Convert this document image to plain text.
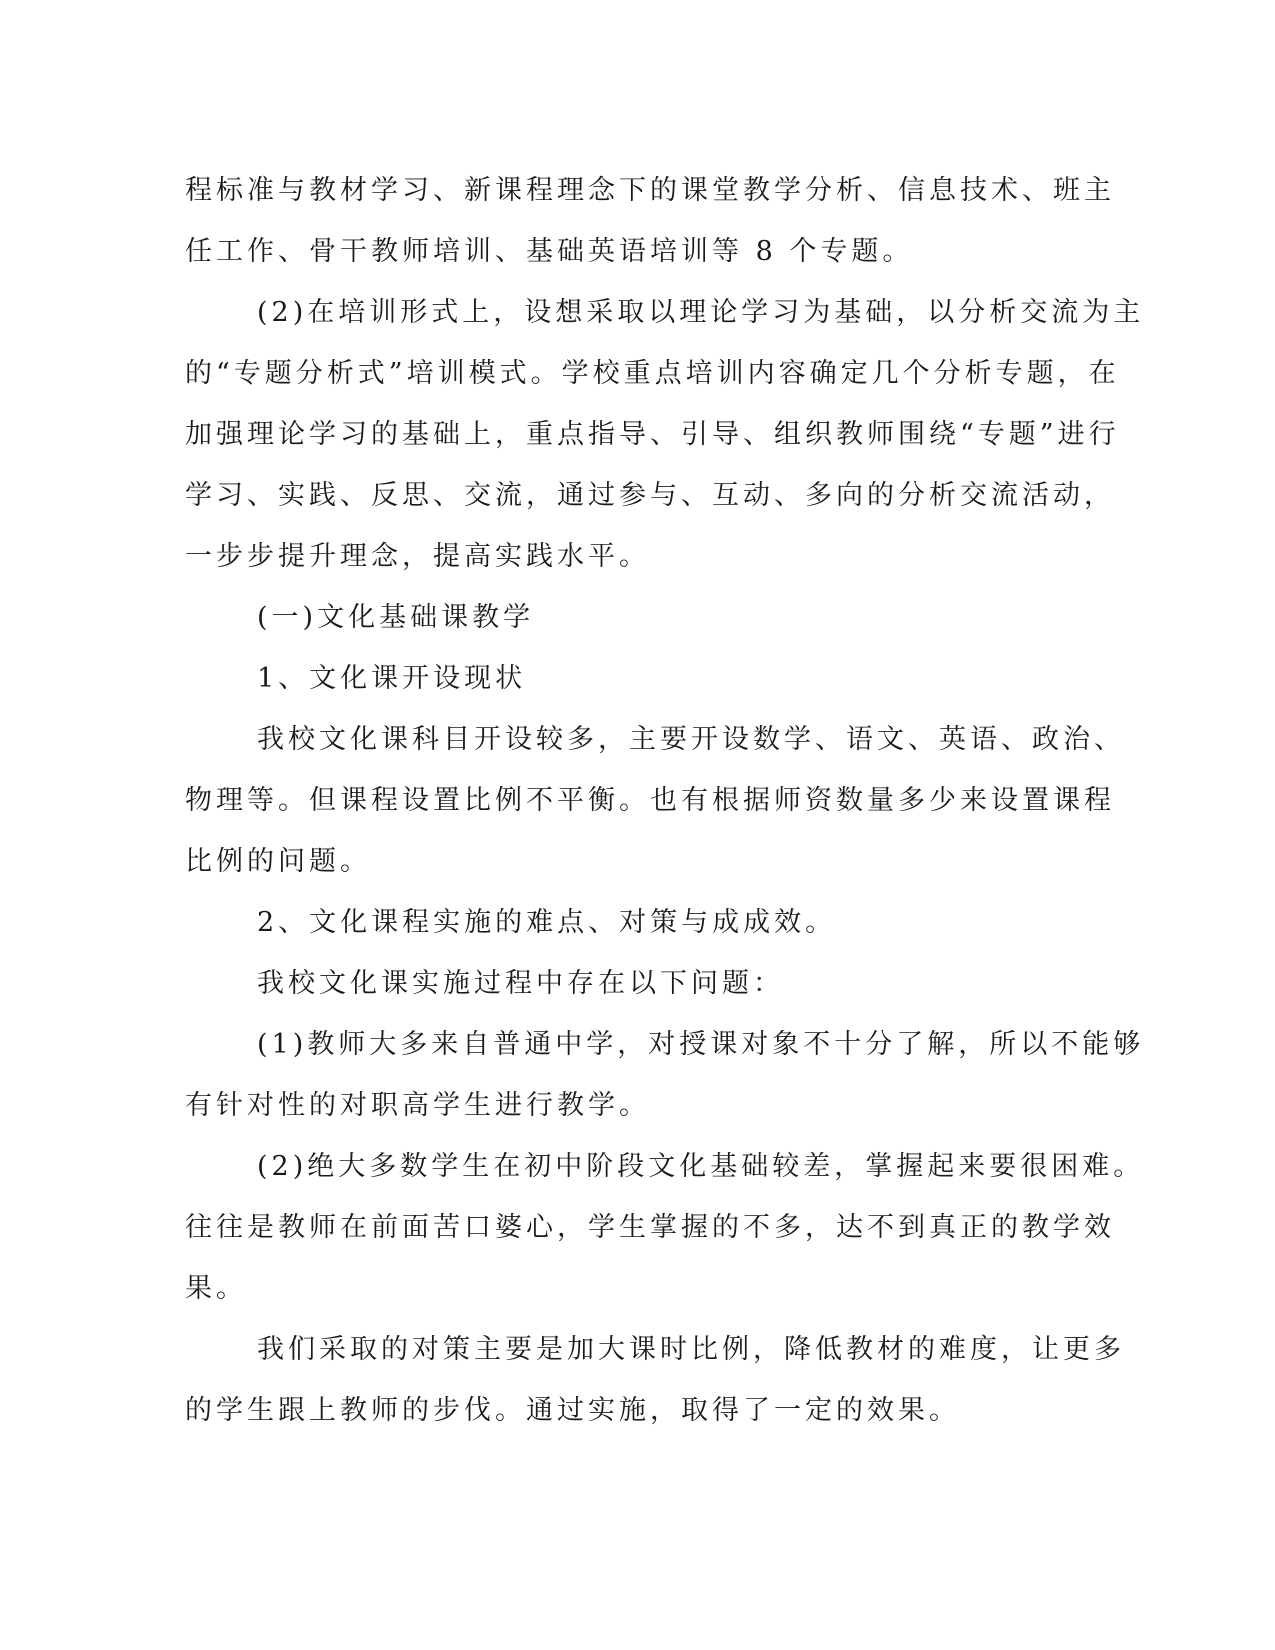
程标准与教材学习、新课程理念下的课堂教学分析、信息技术、班主

任工作、骨干教师培训、基础英语培训等 8 个专题。

(2)在培训形式上，设想采取以理论学习为基础，以分析交流为主

的“专题分析式”培训模式。学校重点培训内容确定几个分析专题，在

加强理论学习的基础上，重点指导、引导、组织教师围绕“专题”进行

学习、实践、反思、交流，通过参与、互动、多向的分析交流活动，

一步步提升理念，提高实践水平。

(一)文化基础课教学

1、文化课开设现状

我校文化课科目开设较多，主要开设数学、语文、英语、政治、

物理等。但课程设置比例不平衡。也有根据师资数量多少来设置课程

比例的问题。

2、文化课程实施的难点、对策与成成效。

我校文化课实施过程中存在以下问题：

(1)教师大多来自普通中学，对授课对象不十分了解，所以不能够

有针对性的对职高学生进行教学。

(2)绝大多数学生在初中阶段文化基础较差，掌握起来要很困难。

往往是教师在前面苦口婆心，学生掌握的不多，达不到真正的教学效

果。

我们采取的对策主要是加大课时比例，降低教材的难度，让更多

的学生跟上教师的步伐。通过实施，取得了一定的效果。
